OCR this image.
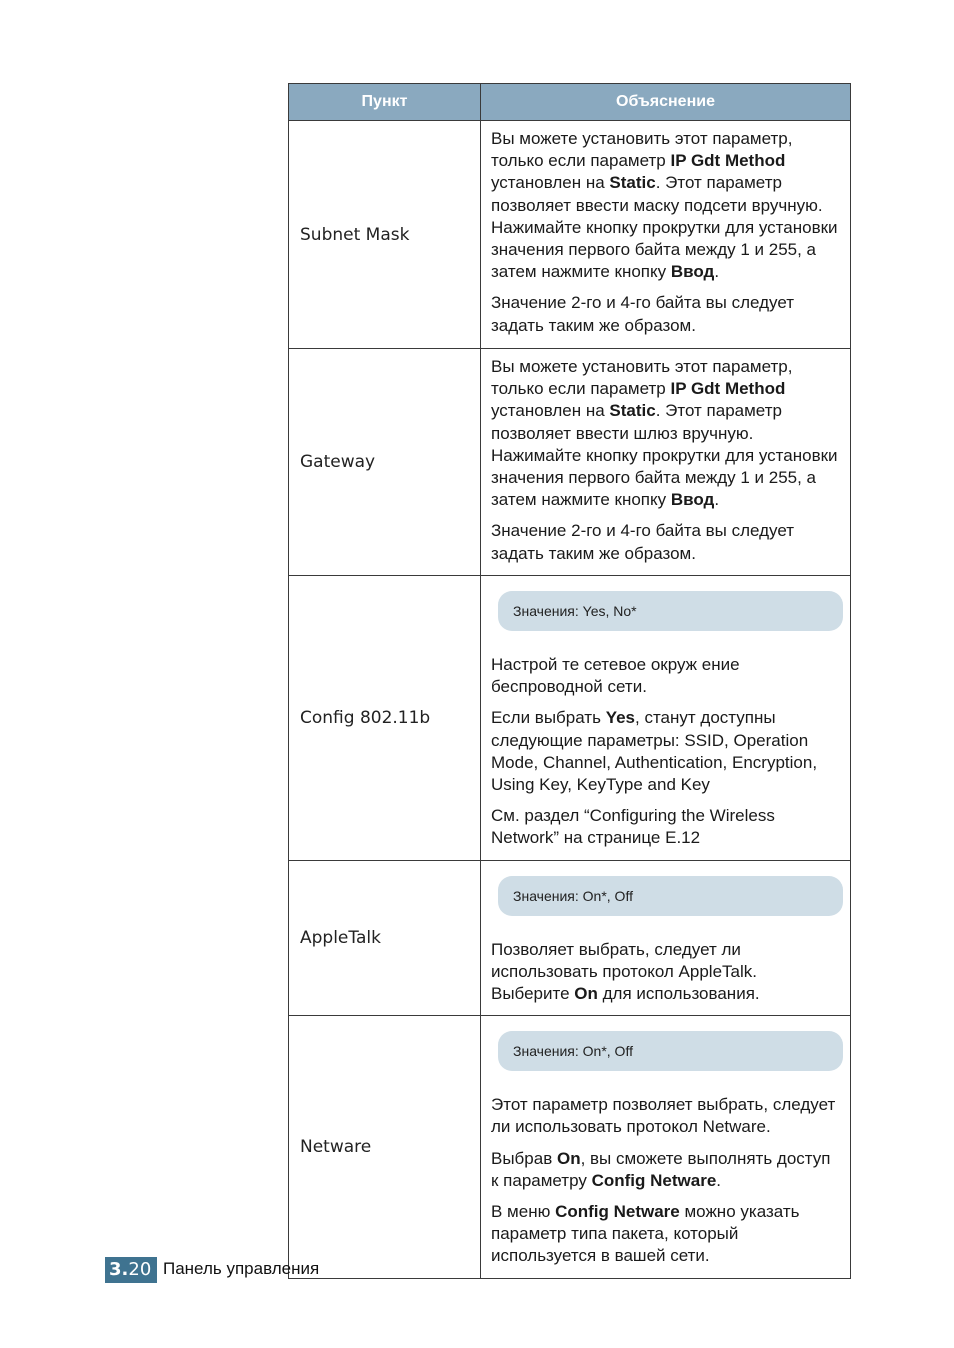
Пункт	Объяснение
Subnet Mask	Вы можете установить этот параметр, только если параметр IP Gdt Method установлен на Static. Этот параметр позволяет ввести маску подсети вручную. Нажимайте кнопку прокрутки для установки значения первого байта между 1 и 255, а затем нажмите кнопку Ввод.

Значение 2-го и 4-го байта вы следует задать таким же образом.

Gateway	Вы можете установить этот параметр, только если параметр IP Gdt Method установлен на Static. Этот параметр позволяет ввести шлюз вручную. Нажимайте кнопку прокрутки для установки значения первого байта между 1 и 255, а затем нажмите кнопку Ввод.

Значение 2-го и 4-го байта вы следует задать таким же образом.

Config 802.11b	Значения: Yes, No*

Настрой те сетевое окруж ение беспроводной сети.

Если выбрать Yes, станут доступны следующие параметры: SSID, Operation Mode, Channel, Authentication, Encryption, Using Key, KeyType and Key

См. раздел “Configuring the Wireless Network” на странице E.12

AppleTalk	Значения: On*, Off

Позволяет выбрать, следует ли использовать протокол AppleTalk. Выберите On для использования.

Netware	Значения: On*, Off

Этот параметр позволяет выбрать, следует ли использовать протокол Netware.

Выбрав On, вы сможете выполнять доступ к параметру Config Netware.

В меню Config Netware можно указать параметр типа пакета, который используется в вашей сети.

3.20 Панель управления
